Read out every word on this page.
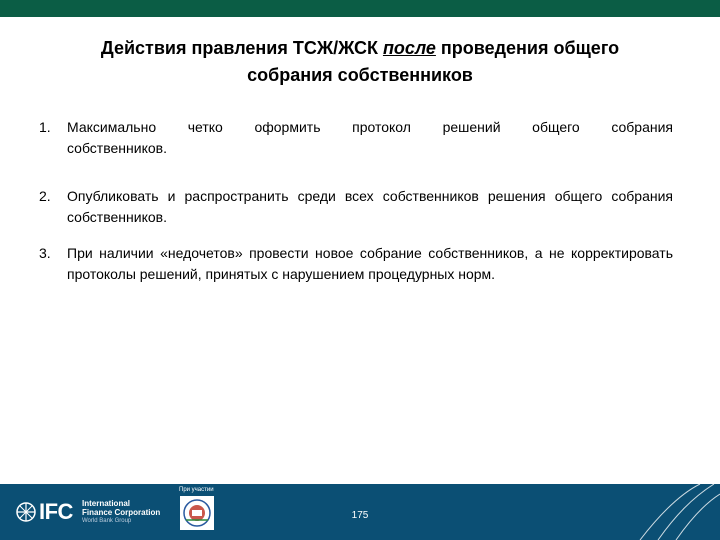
Действия правления ТСЖ/ЖСК после проведения общего
собрания собственников
1. Максимально четко оформить протокол решений общего собрания
собственников.
2. Опубликовать и распространить среди всех собственников решения общего собрания собственников.
3. При наличии «недочетов» провести новое собрание собственников, а не корректировать протоколы решений, принятых с нарушением процедурных норм.
IFC International
Finance Corporation
World Bank Group
При участии
175
